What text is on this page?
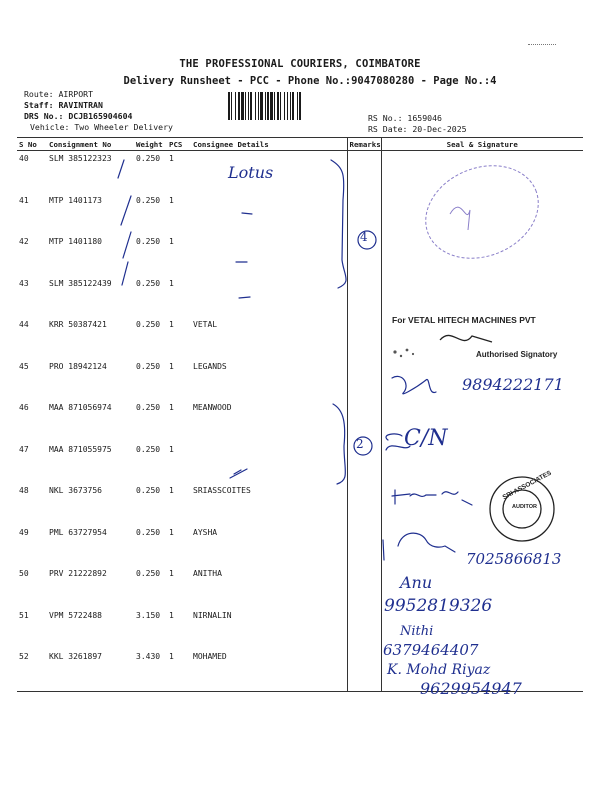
THE PROFESSIONAL COURIERS, COIMBATORE
Delivery Runsheet - PCC - Phone No.:9047080280 - Page No.:4
Route: AIRPORT
Staff: RAVINTRAN
DRS No.: DCJB165904604
Vehicle: Two Wheeler Delivery
RS No.: 1659046
RS Date: 20-Dec-2025
S No	Consignment No	Weight	PCS	Consignee Details	Remarks	Seal & Signature
40	SLM 385122323	0.250	1			
41	MTP 1401173	0.250	1			
42	MTP 1401180	0.250	1			
43	SLM 385122439	0.250	1			
44	KRR 50387421	0.250	1	VETAL		
45	PRO 18942124	0.250	1	LEGANDS		
46	MAA 871056974	0.250	1	MEANWOOD		
47	MAA 871055975	0.250	1			
48	NKL 3673756	0.250	1	SRIASSCOITES		
49	PML 63727954	0.250	1	AYSHA		
50	PRV 21222892	0.250	1	ANITHA		
51	VPM 5722488	3.150	1	NIRNALIN		
52	KKL 3261897	3.430	1	MOHAMED		
Lotus
4
2
9894222171
C/N
7025866813
Anu
9952819326
Nithi
6379464407
K. Mohd Riyaz
9629954947
For VETAL HITECH MACHINES PVT
Authorised Signatory
SRI ASSOCIATES
AUDITOR
